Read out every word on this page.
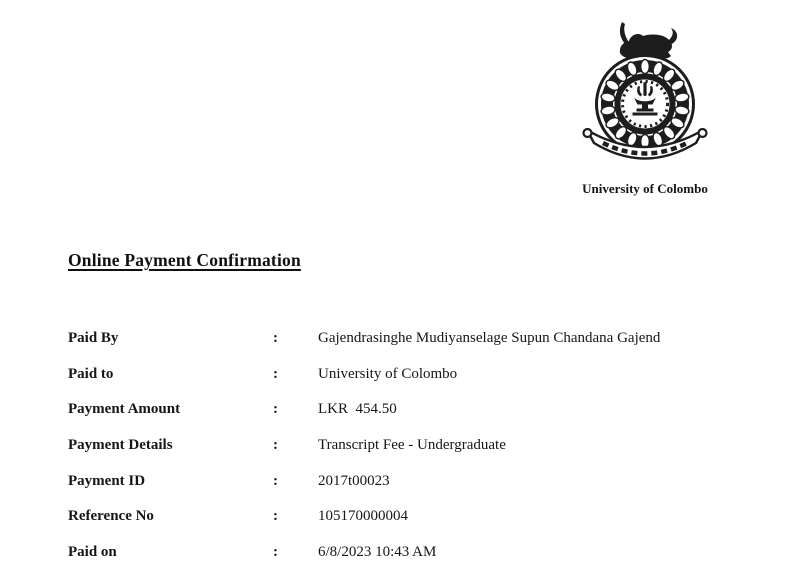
University of Colombo
Online Payment Confirmation
Paid By	:	Gajendrasinghe Mudiyanselage Supun Chandana Gajend
Paid to	:	University of Colombo
Payment Amount	:	LKR  454.50
Payment Details	:	Transcript Fee - Undergraduate
Payment ID	:	2017t00023
Reference No	:	105170000004
Paid on	:	6/8/2023 10:43 AM
